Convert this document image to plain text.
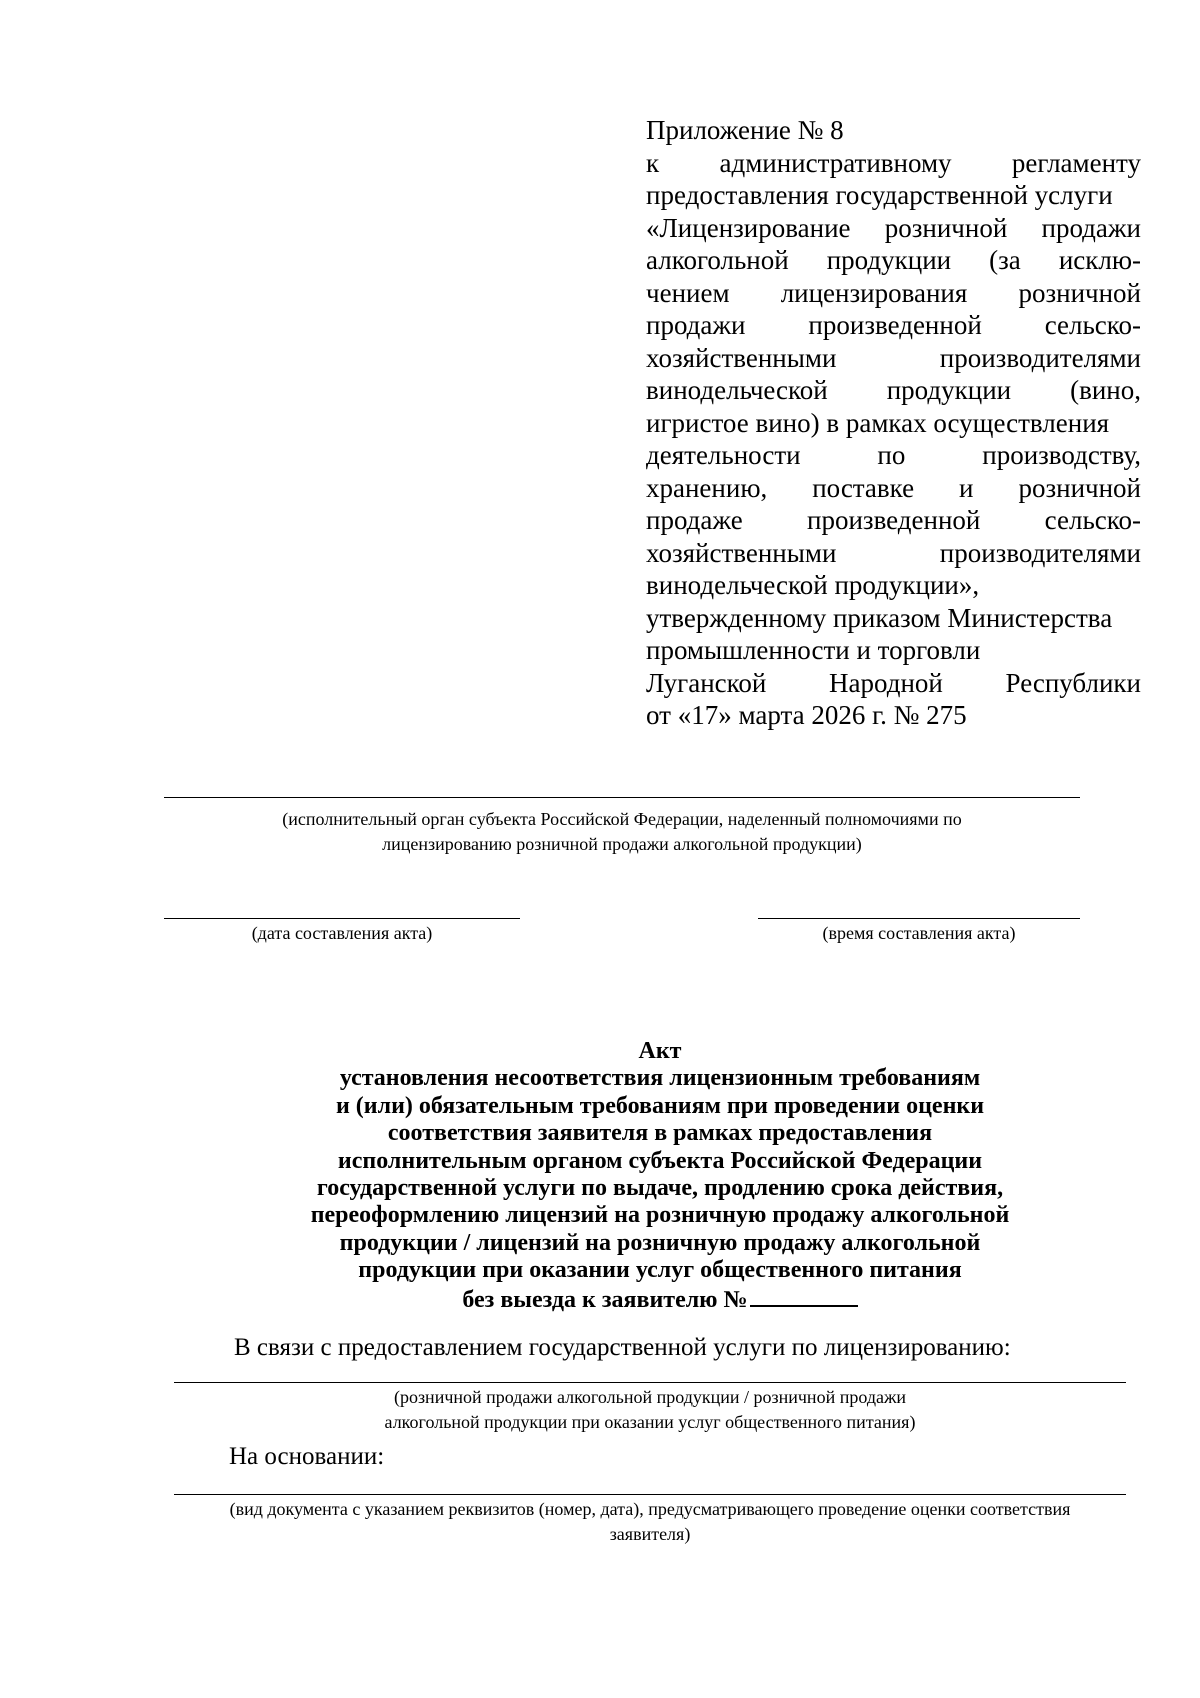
Приложение № 8
к административному регламенту
предоставления государственной услуги
«Лицензирование розничной продажи
алкогольной продукции (за исклю-
чением лицензирования розничной
продажи произведенной сельско-
хозяйственными производителями
винодельческой продукции (вино,
игристое вино) в рамках осуществления
деятельности по производству,
хранению, поставке и розничной
продаже произведенной сельско-
хозяйственными производителями
винодельческой продукции»,
утвержденному приказом Министерства
промышленности и торговли
Луганской Народной Республики
от «17» марта 2026 г. № 275
(исполнительный орган субъекта Российской Федерации, наделенный полномочиями по
лицензированию розничной продажи алкогольной продукции)
(дата составления акта)	(время составления акта)
Акт
установления несоответствия лицензионным требованиям
и (или) обязательным требованиям при проведении оценки
соответствия заявителя в рамках предоставления
исполнительным органом субъекта Российской Федерации
государственной услуги по выдаче, продлению срока действия,
переоформлению лицензий на розничную продажу алкогольной
продукции / лицензий на розничную продажу алкогольной
продукции при оказании услуг общественного питания
без выезда к заявителю №
В связи с предоставлением государственной услуги по лицензированию:
(розничной продажи алкогольной продукции / розничной продажи
алкогольной продукции при оказании услуг общественного питания)
На основании:
(вид документа с указанием реквизитов (номер, дата), предусматривающего проведение оценки соответствия
заявителя)
